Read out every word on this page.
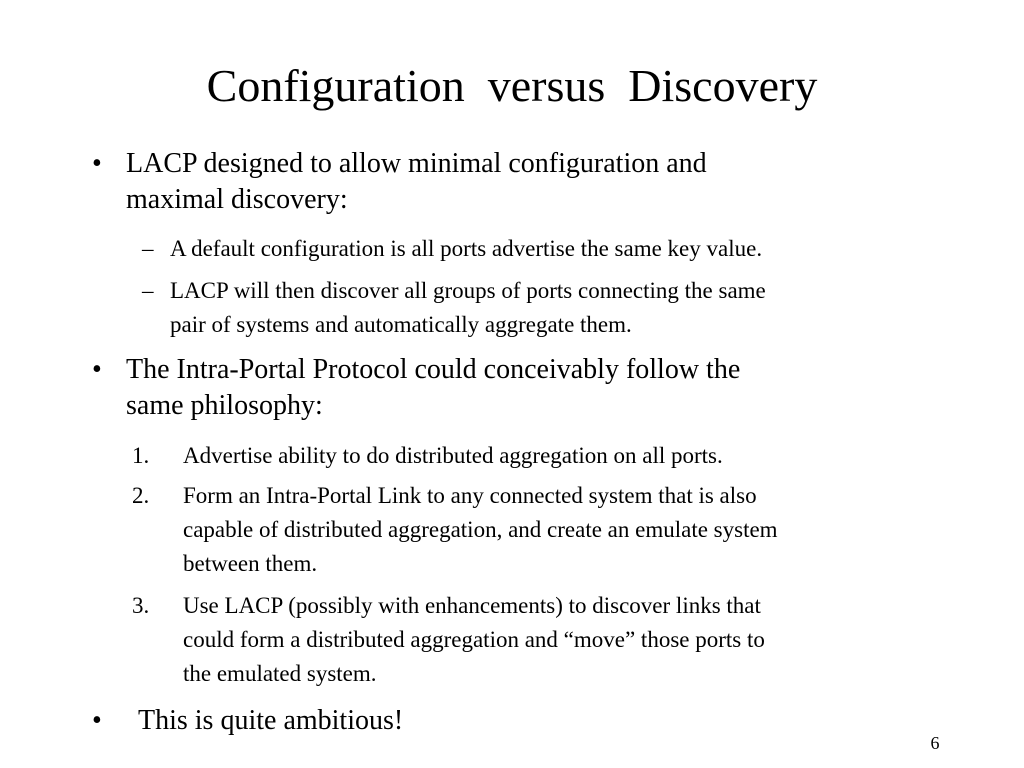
Configuration  versus  Discovery
• LACP designed to allow minimal configuration and
maximal discovery:
– A default configuration is all ports advertise the same key value.
– LACP will then discover all groups of ports connecting the same
pair of systems and automatically aggregate them.
• The Intra-Portal Protocol could conceivably follow the
same philosophy:
1. Advertise ability to do distributed aggregation on all ports.
2. Form an Intra-Portal Link to any connected system that is also
capable of distributed aggregation, and create an emulate system
between them.
3. Use LACP (possibly with enhancements) to discover links that
could form a distributed aggregation and “move” those ports to
the emulated system.
• This is quite ambitious!
6
